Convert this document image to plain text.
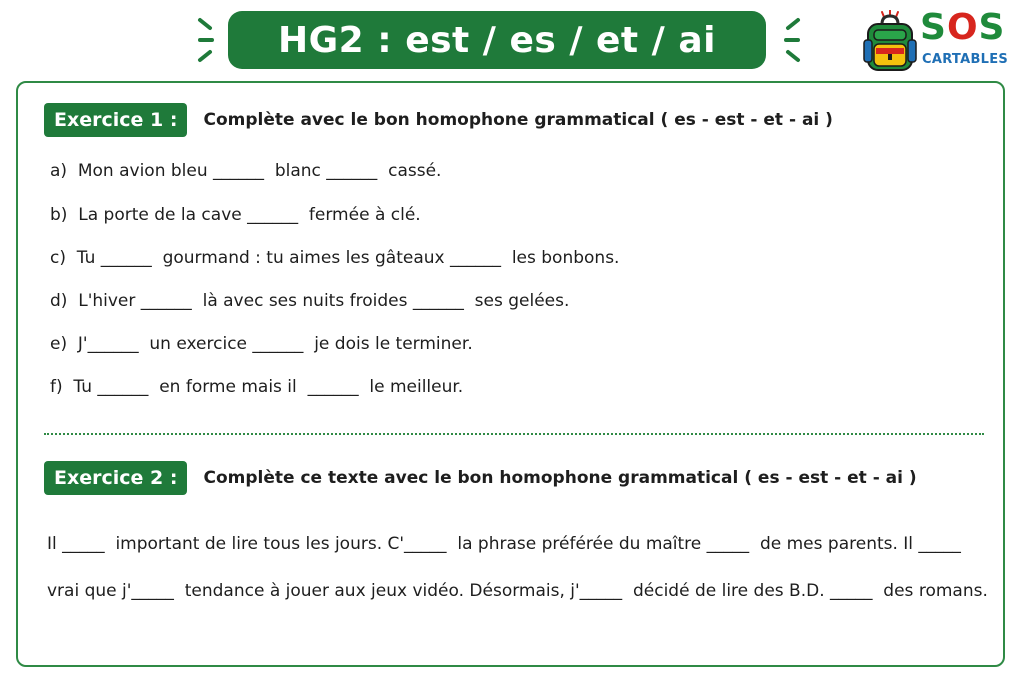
HG2 : est / es / et / ai	SOS
CARTABLES
Exercice 1 :	Complète avec le bon homophone grammatical ( es - est - et - ai )
a)  Mon avion bleu ______  blanc ______  cassé.
b)  La porte de la cave ______  fermée à clé.
c)  Tu ______  gourmand : tu aimes les gâteaux ______  les bonbons.
d)  L'hiver ______  là avec ses nuits froides ______  ses gelées.
e)  J'______  un exercice ______  je dois le terminer.
f)  Tu ______  en forme mais il  ______  le meilleur.
Exercice 2 :	Complète ce texte avec le bon homophone grammatical ( es - est - et - ai )
Il _____  important de lire tous les jours. C'_____  la phrase préférée du maître _____  de mes parents. Il _____
vrai que j'_____  tendance à jouer aux jeux vidéo. Désormais, j'_____  décidé de lire des B.D. _____  des romans.
